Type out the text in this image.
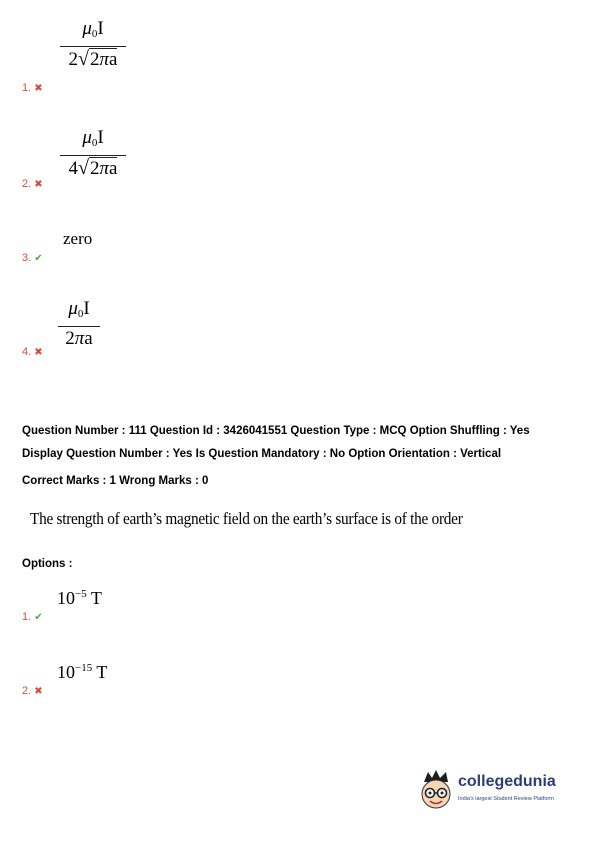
$\mu_0I$
2√2πa
1. ✖
$\mu_0I$
4√2πa
2. ✖
zero
3. ✔
$\mu_0I$
2πa
4. ✖
Question Number : 111 Question Id : 3426041551 Question Type : MCQ Option Shuffling : Yes
Display Question Number : Yes Is Question Mandatory : No Option Orientation : Vertical
Correct Marks : 1 Wrong Marks : 0
The strength of earth’s magnetic field on the earth’s surface is of the order
Options :
$10^{-5}$ T
1. ✔
$10^{-15}$ T
2. ✖
collegedunia
India's largest Student Review Platform
